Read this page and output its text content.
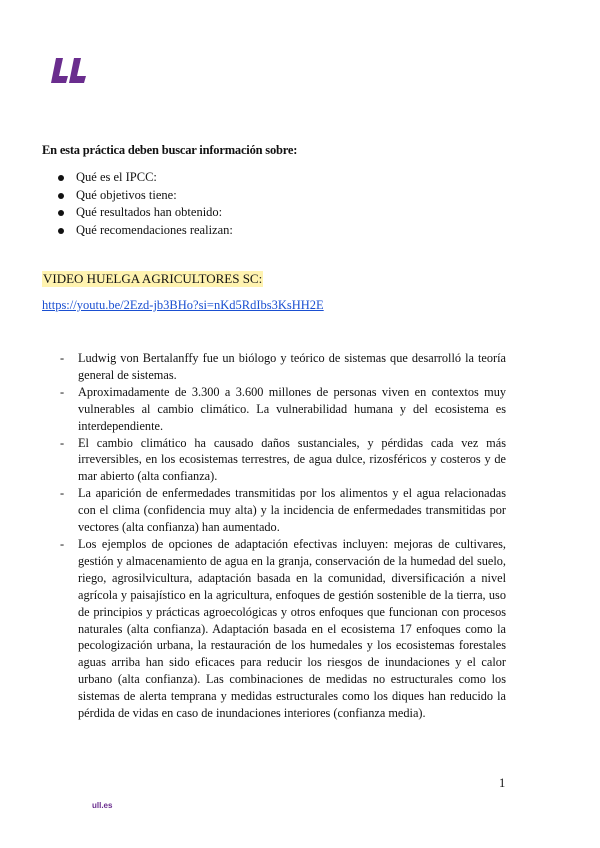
En esta práctica deben buscar información sobre:
Qué es el IPCC:
Qué objetivos tiene:
Qué resultados han obtenido:
Qué recomendaciones realizan:
VIDEO HUELGA AGRICULTORES SC:
https://youtu.be/2Ezd-jb3BHo?si=nKd5RdIbs3KsHH2E
- Ludwig von Bertalanffy fue un biólogo y teórico de sistemas que desarrolló la teoría general de sistemas.
- Aproximadamente de 3.300 a 3.600 millones de personas viven en contextos muy vulnerables al cambio climático. La vulnerabilidad humana y del ecosistema es interdependiente.
- El cambio climático ha causado daños sustanciales, y pérdidas cada vez más irreversibles, en los ecosistemas terrestres, de agua dulce, rizosféricos y costeros y de mar abierto (alta confianza).
- La aparición de enfermedades transmitidas por los alimentos y el agua relacionadas con el clima (confidencia muy alta) y la incidencia de enfermedades transmitidas por vectores (alta confianza) han aumentado.
- Los ejemplos de opciones de adaptación efectivas incluyen: mejoras de cultivares, gestión y almacenamiento de agua en la granja, conservación de la humedad del suelo, riego, agrosilvicultura, adaptación basada en la comunidad, diversificación a nivel agrícola y paisajístico en la agricultura, enfoques de gestión sostenible de la tierra, uso de principios y prácticas agroecológicas y otros enfoques que funcionan con procesos naturales (alta confianza). Adaptación basada en el ecosistema 17 enfoques como la pecologización urbana, la restauración de los humedales y los ecosistemas forestales aguas arriba han sido eficaces para reducir los riesgos de inundaciones y el calor urbano (alta confianza). Las combinaciones de medidas no estructurales como los sistemas de alerta temprana y medidas estructurales como los diques han reducido la pérdida de vidas en caso de inundaciones interiores (confianza media).
1
ull.es
